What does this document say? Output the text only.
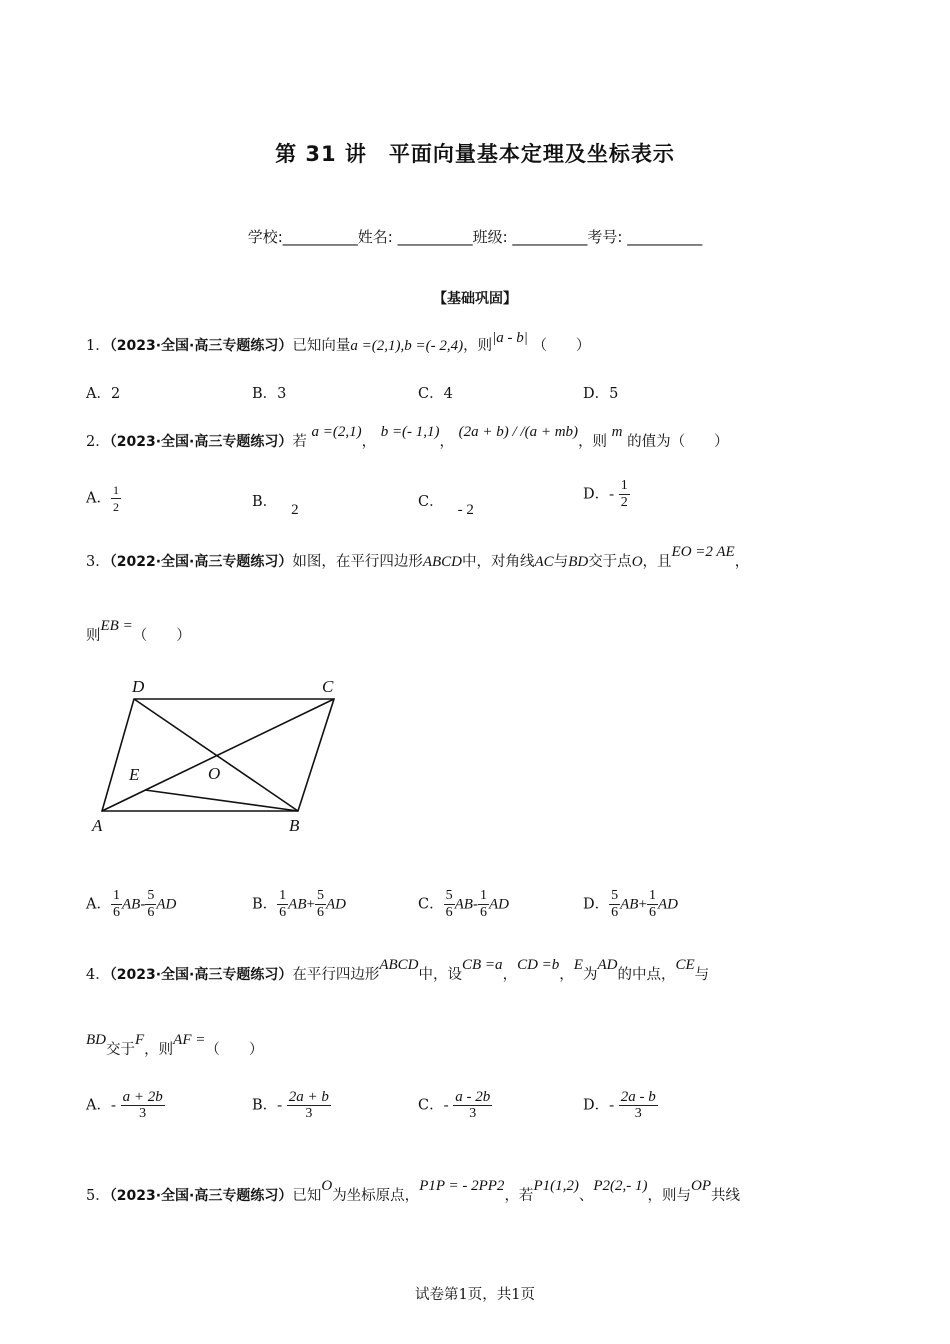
第 31 讲　平面向量基本定理及坐标表示
学校:__________姓名: __________班级: __________考号: __________
【基础巩固】
1．（2023·全国·高三专题练习）已知向量a =(2,1),b =(- 2,4)，则|a - b| （　　）
A．2	B．3	C．4	D．5
2．（2023·全国·高三专题练习）若 a =(2,1)， b =(- 1,1)， (2a + b) / /(a + mb)，则 m 的值为（　　）
A． $\frac{1}{2}$	B． 2	C． - 2
D．- $\frac{1}{2}$
3．（2022·全国·高三专题练习）如图，在平行四边形ABCD中，对角线AC与BD交于点O，且EO =2 AE，
则EB =（　　）
D	C
E	O
A	B
A． $\frac{1}{6} AB- \frac{5}{6}$ AD	B． $\frac{1}{6} AB+ \frac{5}{6}$ AD	C． $\frac{5}{6} AB- \frac{1}{6}$ AD	D． $\frac{5}{6} AB+ \frac{1}{6}$ AD
4．（2023·全国·高三专题练习）在平行四边形ABCD中，设CB =a，CD =b，E为AD的中点，CE与
BD交于F，则AF =（　　）
A．- $\frac{a + 2b}{3}$	B．- $\frac{2a + b}{3}$	C．- $\frac{a - 2b}{3}$	D．- $\frac{2a - b}{3}$
5．（2023·全国·高三专题练习）已知O为坐标原点，P1P = - 2PP2，若P1(1,2)、P2(2,- 1)，则与OP共线
试卷第1页，共1页
